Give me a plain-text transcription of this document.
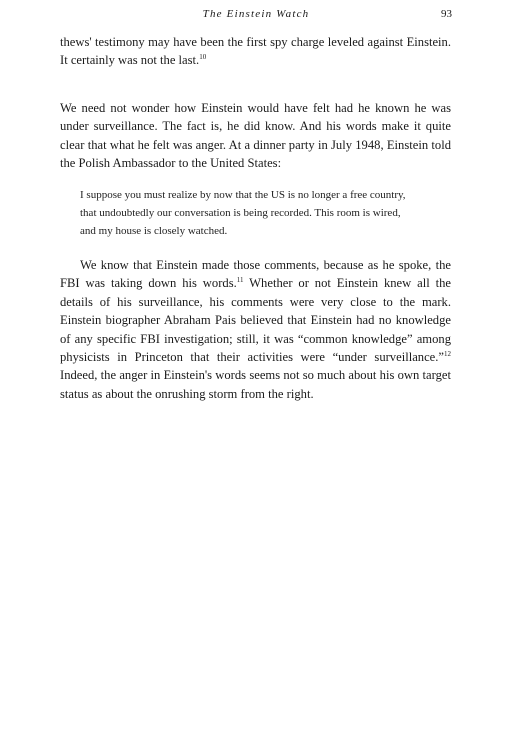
The Einstein Watch	93

thews' testimony may have been the first spy charge leveled against Einstein. It certainly was not the last.$^{10}$

We need not wonder how Einstein would have felt had he known he was under surveillance. The fact is, he did know. And his words make it quite clear that what he felt was anger. At a dinner party in July 1948, Einstein told the Polish Ambassador to the United States:

I suppose you must realize by now that the US is no longer a free country,
that undoubtedly our conversation is being recorded. This room is wired,
and my house is closely watched.

We know that Einstein made those comments, because as he spoke, the FBI was taking down his words.$^{11}$ Whether or not Einstein knew all the details of his surveillance, his comments were very close to the mark. Einstein biographer Abraham Pais believed that Einstein had no knowledge of any specific FBI investigation; still, it was “common knowledge” among physicists in Princeton that their activities were “under surveillance.”$^{12}$ Indeed, the anger in Einstein's words seems not so much about his own target status as about the onrushing storm from the right.
